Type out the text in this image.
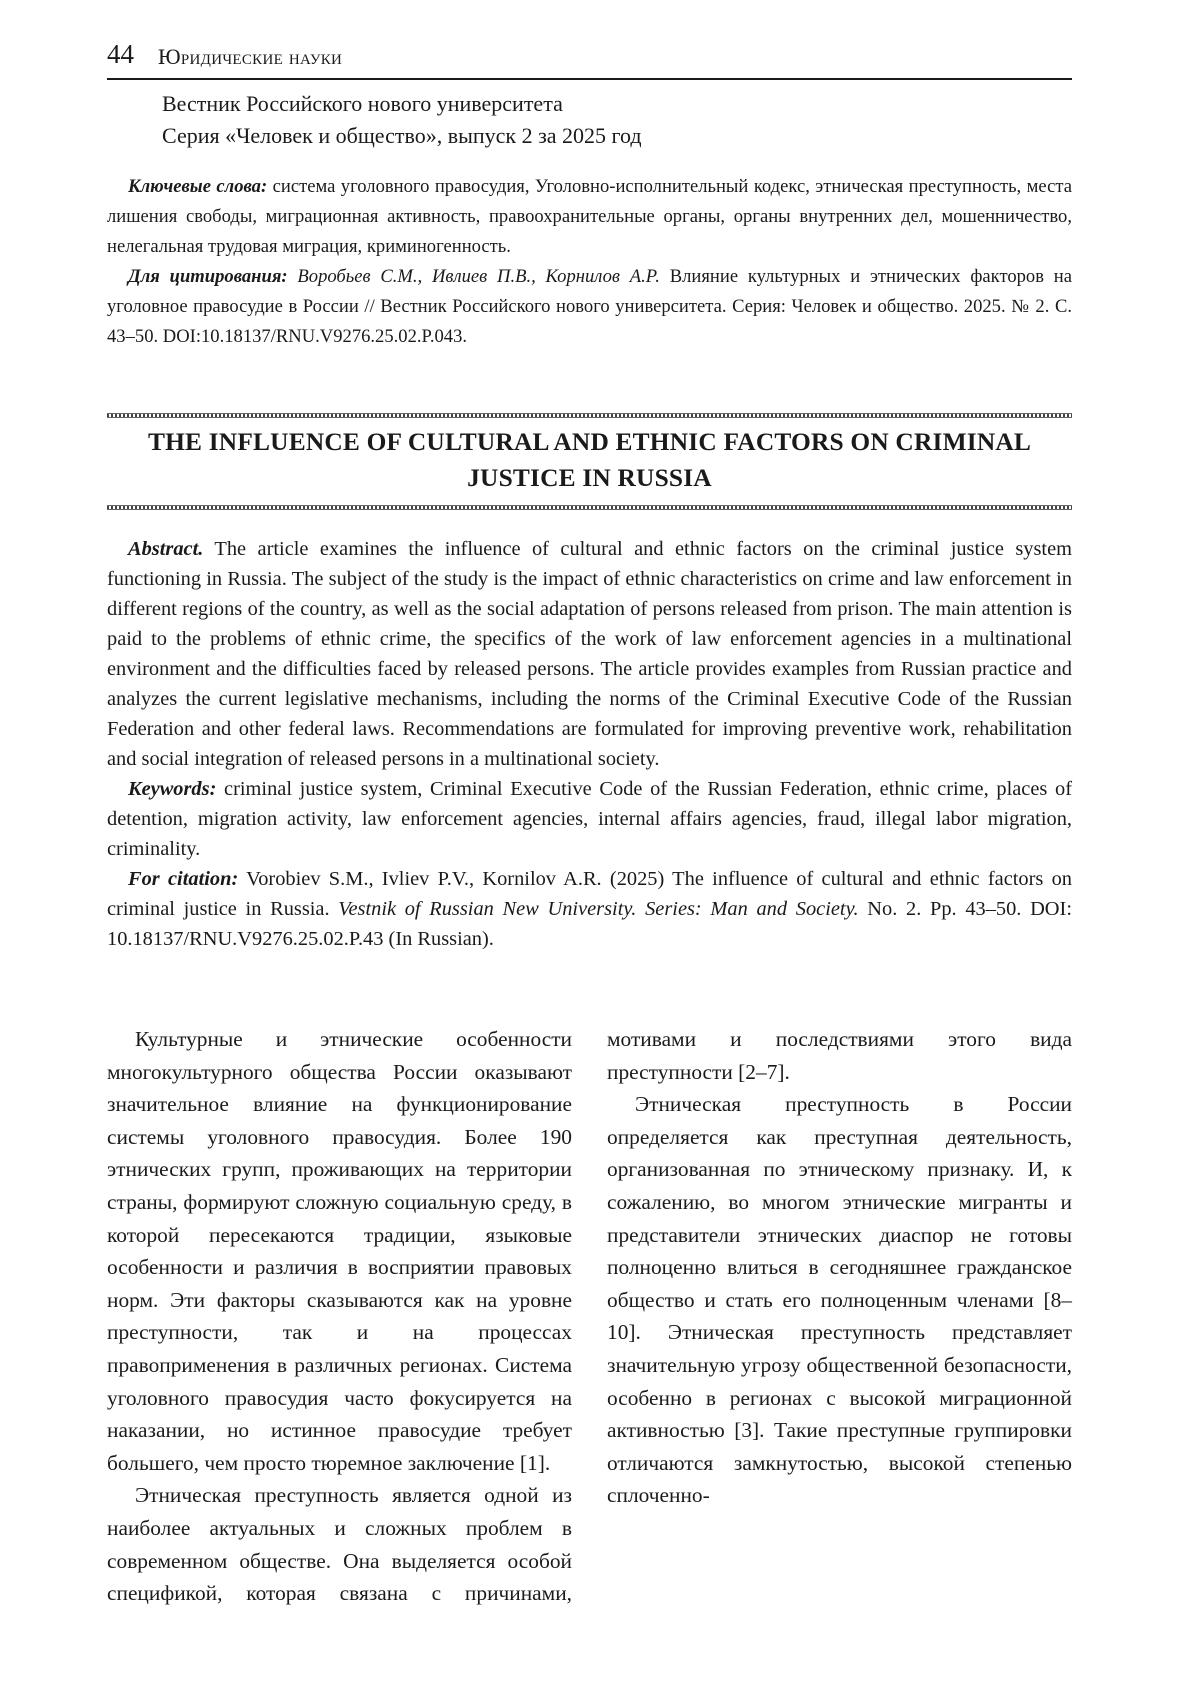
44 Юридические науки
Вестник Российского нового университета
Серия «Человек и общество», выпуск 2 за 2025 год

Ключевые слова: система уголовного правосудия, Уголовно-исполнительный кодекс, этническая преступность, места лишения свободы, миграционная активность, правоохранительные органы, органы внутренних дел, мошенничество, нелегальная трудовая миграция, криминогенность.

Для цитирования: Воробьев С.М., Ивлиев П.В., Корнилов А.Р. Влияние культурных и этнических факторов на уголовное правосудие в России // Вестник Российского нового университета. Серия: Человек и общество. 2025. № 2. С. 43–50. DOI:10.18137/RNU.V9276.25.02.P.043.

THE INFLUENCE OF CULTURAL AND ETHNIC FACTORS ON CRIMINAL JUSTICE IN RUSSIA

Abstract. The article examines the influence of cultural and ethnic factors on the criminal justice system functioning in Russia. The subject of the study is the impact of ethnic characteristics on crime and law enforcement in different regions of the country, as well as the social adaptation of persons released from prison. The main attention is paid to the problems of ethnic crime, the specifics of the work of law enforcement agencies in a multinational environment and the difficulties faced by released persons. The article provides examples from Russian practice and analyzes the current legislative mechanisms, including the norms of the Criminal Executive Code of the Russian Federation and other federal laws. Recommendations are formulated for improving preventive work, rehabilitation and social integration of released persons in a multinational society.

Keywords: criminal justice system, Criminal Executive Code of the Russian Federation, ethnic crime, places of detention, migration activity, law enforcement agencies, internal affairs agencies, fraud, illegal labor migration, criminality.

For citation: Vorobiev S.M., Ivliev P.V., Kornilov A.R. (2025) The influence of cultural and ethnic factors on criminal justice in Russia. Vestnik of Russian New University. Series: Man and Society. No. 2. Pp. 43–50. DOI: 10.18137/RNU.V9276.25.02.P.43 (In Russian).

Культурные и этнические особенности многокультурного общества России оказывают значительное влияние на функционирование системы уголовного правосудия. Более 190 этнических групп, проживающих на территории страны, формируют сложную социальную среду, в которой пересекаются традиции, языковые особенности и различия в восприятии правовых норм. Эти факторы сказываются как на уровне преступности, так и на процессах правоприменения в различных регионах. Система уголовного правосудия часто фокусируется на наказании, но истинное правосудие требует большего, чем просто тюремное заключение [1].

Этническая преступность является одной из наиболее актуальных и сложных проблем в современном обществе. Она выделяется особой спецификой, которая связана с причинами, мотивами и последствиями этого вида преступности [2–7].

Этническая преступность в России определяется как преступная деятельность, организованная по этническому признаку. И, к сожалению, во многом этнические мигранты и представители этнических диаспор не готовы полноценно влиться в сегодняшнее гражданское общество и стать его полноценным членами [8–10]. Этническая преступность представляет значительную угрозу общественной безопасности, особенно в регионах с высокой миграционной активностью [3]. Такие преступные группировки отличаются замкнутостью, высокой степенью сплоченно-
